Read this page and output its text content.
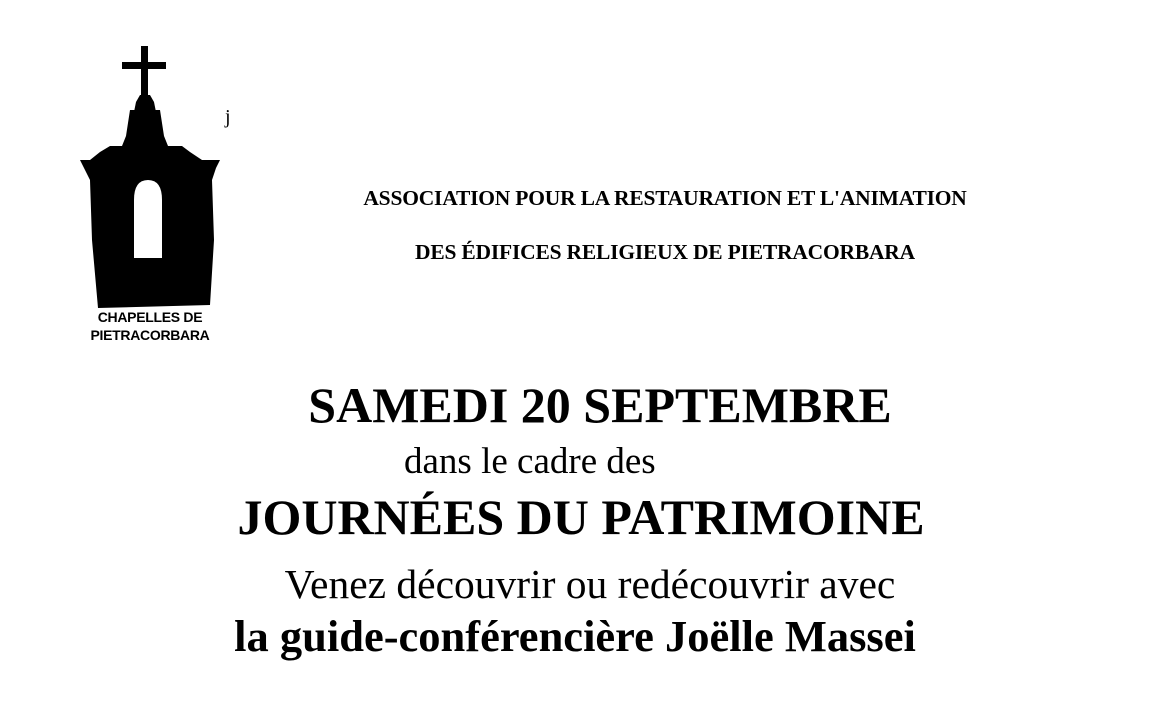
CHAPELLES DE
PIETRACORBARA
j
ASSOCIATION POUR LA RESTAURATION ET L'ANIMATION
DES ÉDIFICES RELIGIEUX DE PIETRACORBARA
SAMEDI 20 SEPTEMBRE
dans le cadre des
JOURNÉES DU PATRIMOINE
Venez découvrir ou redécouvrir avec
la guide-conférencière Joëlle Massei
